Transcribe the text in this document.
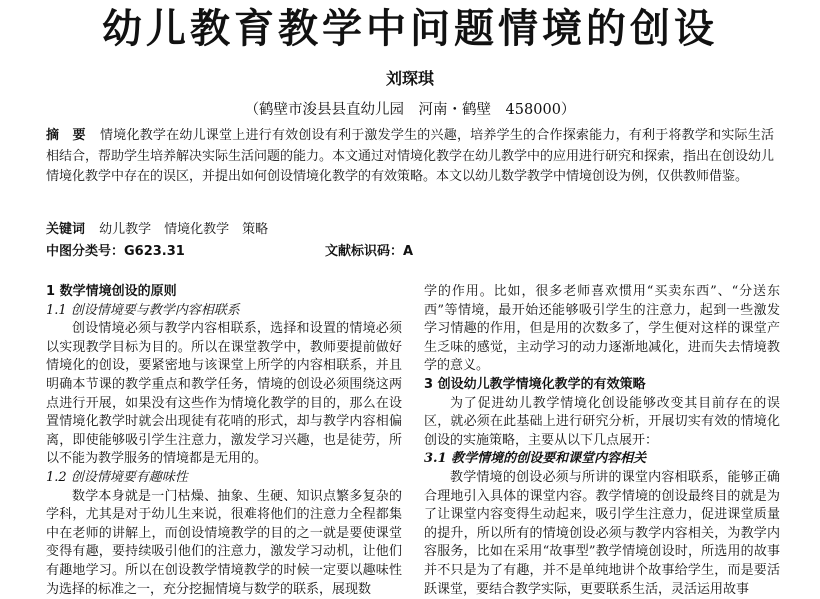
幼儿教育教学中问题情境的创设
刘琛琪
（鹤壁市浚县县直幼儿园　河南・鹤壁　458000）
摘　要 情境化教学在幼儿课堂上进行有效创设有利于激发学生的兴趣，培养学生的合作探索能力，有利于将教学和实际生活相结合，帮助学生培养解决实际生活问题的能力。本文通过对情境化教学在幼儿教学中的应用进行研究和探索，指出在创设幼儿情境化教学中存在的误区，并提出如何创设情境化教学的有效策略。本文以幼儿数学教学中情境创设为例，仅供教师借鉴。
关键词 幼儿教学　情境化教学　策略
中图分类号：G623.31	文献标识码：A

1 数学情境创设的原则

1.1 创设情境要与教学内容相联系

创设情境必须与教学内容相联系，选择和设置的情境必须以实现教学目标为目的。所以在课堂教学中，教师要提前做好情境化的创设，要紧密地与该课堂上所学的内容相联系，并且明确本节课的教学重点和教学任务，情境的创设必须围绕这两点进行开展，如果没有这些作为情境化教学的目的，那么在设置情境化教学时就会出现徒有花哨的形式，却与教学内容相偏离，即使能够吸引学生注意力，激发学习兴趣，也是徒劳，所以不能为教学服务的情境都是无用的。

1.2 创设情境要有趣味性

数学本身就是一门枯燥、抽象、生硬、知识点繁多复杂的学科，尤其是对于幼儿生来说，很难将他们的注意力全程都集中在老师的讲解上，而创设情境教学的目的之一就是要使课堂变得有趣，要持续吸引他们的注意力，激发学习动机，让他们有趣地学习。所以在创设教学情境教学的时候一定要以趣味性为选择的标准之一，充分挖掘情境与数学的联系，展现数

学的作用。比如，很多老师喜欢惯用“买卖东西”、“分送东西”等情境，最开始还能够吸引学生的注意力，起到一些激发学习情趣的作用，但是用的次数多了，学生便对这样的课堂产生乏味的感觉，主动学习的动力逐渐地减化，进而失去情境教学的意义。

3 创设幼儿教学情境化教学的有效策略

为了促进幼儿教学情境化创设能够改变其目前存在的误区，就必须在此基础上进行研究分析，开展切实有效的情境化创设的实施策略，主要从以下几点展开：

3.1 教学情境的创设要和课堂内容相关

教学情境的创设必须与所讲的课堂内容相联系，能够正确合理地引入具体的课堂内容。教学情境的创设最终目的就是为了让课堂内容变得生动起来，吸引学生注意力，促进课堂质量的提升，所以所有的情境创设必须与教学内容相关，为教学内容服务，比如在采用“故事型”教学情境创设时，所选用的故事并不只是为了有趣，并不是单纯地讲个故事给学生，而是要活跃课堂，要结合教学实际，更要联系生活，灵活运用故事
